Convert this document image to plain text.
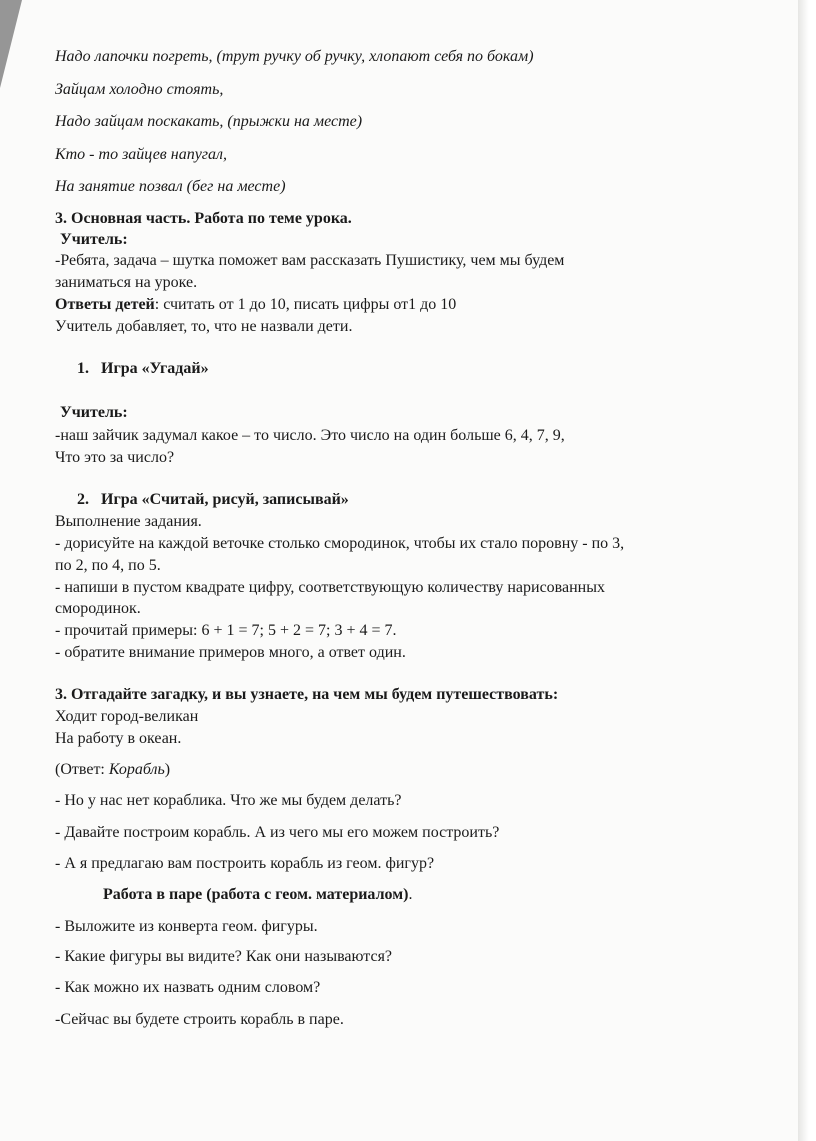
Надо лапочки погреть, (трут ручку об ручку, хлопают себя по бокам)
Зайцам холодно стоять,
Надо зайцам поскакать, (прыжки на месте)
Кто - то зайцев напугал,
На занятие позвал (бег на месте)
3. Основная часть. Работа по теме урока.
Учитель:
-Ребята, задача – шутка поможет вам рассказать Пушистику, чем мы будем
заниматься на уроке.
Ответы детей: считать от 1 до 10, писать цифры от1 до 10
Учитель добавляет, то, что не назвали дети.
1. Игра «Угадай»
Учитель:
-наш зайчик задумал какое – то число. Это число на один больше 6, 4, 7, 9,
Что это за число?
2. Игра «Считай, рисуй, записывай»
Выполнение задания.
- дорисуйте на каждой веточке столько смородинок, чтобы их стало поровну - по 3,
по 2, по 4, по 5.
- напиши в пустом квадрате цифру, соответствующую количеству нарисованных
смородинок.
- прочитай примеры: 6 + 1 = 7; 5 + 2 = 7; 3 + 4 = 7.
- обратите внимание примеров много, а ответ один.
3. Отгадайте загадку, и вы узнаете, на чем мы будем путешествовать:
Ходит город-великан
На работу в океан.
(Ответ: Корабль)
- Но у нас нет кораблика. Что же мы будем делать?
- Давайте построим корабль. А из чего мы его можем построить?
- А я предлагаю вам построить корабль из геом. фигур?
Работа в паре (работа с геом. материалом).
- Выложите из конверта геом. фигуры.
- Какие фигуры вы видите? Как они называются?
- Как можно их назвать одним словом?
-Сейчас вы будете строить корабль в паре.
